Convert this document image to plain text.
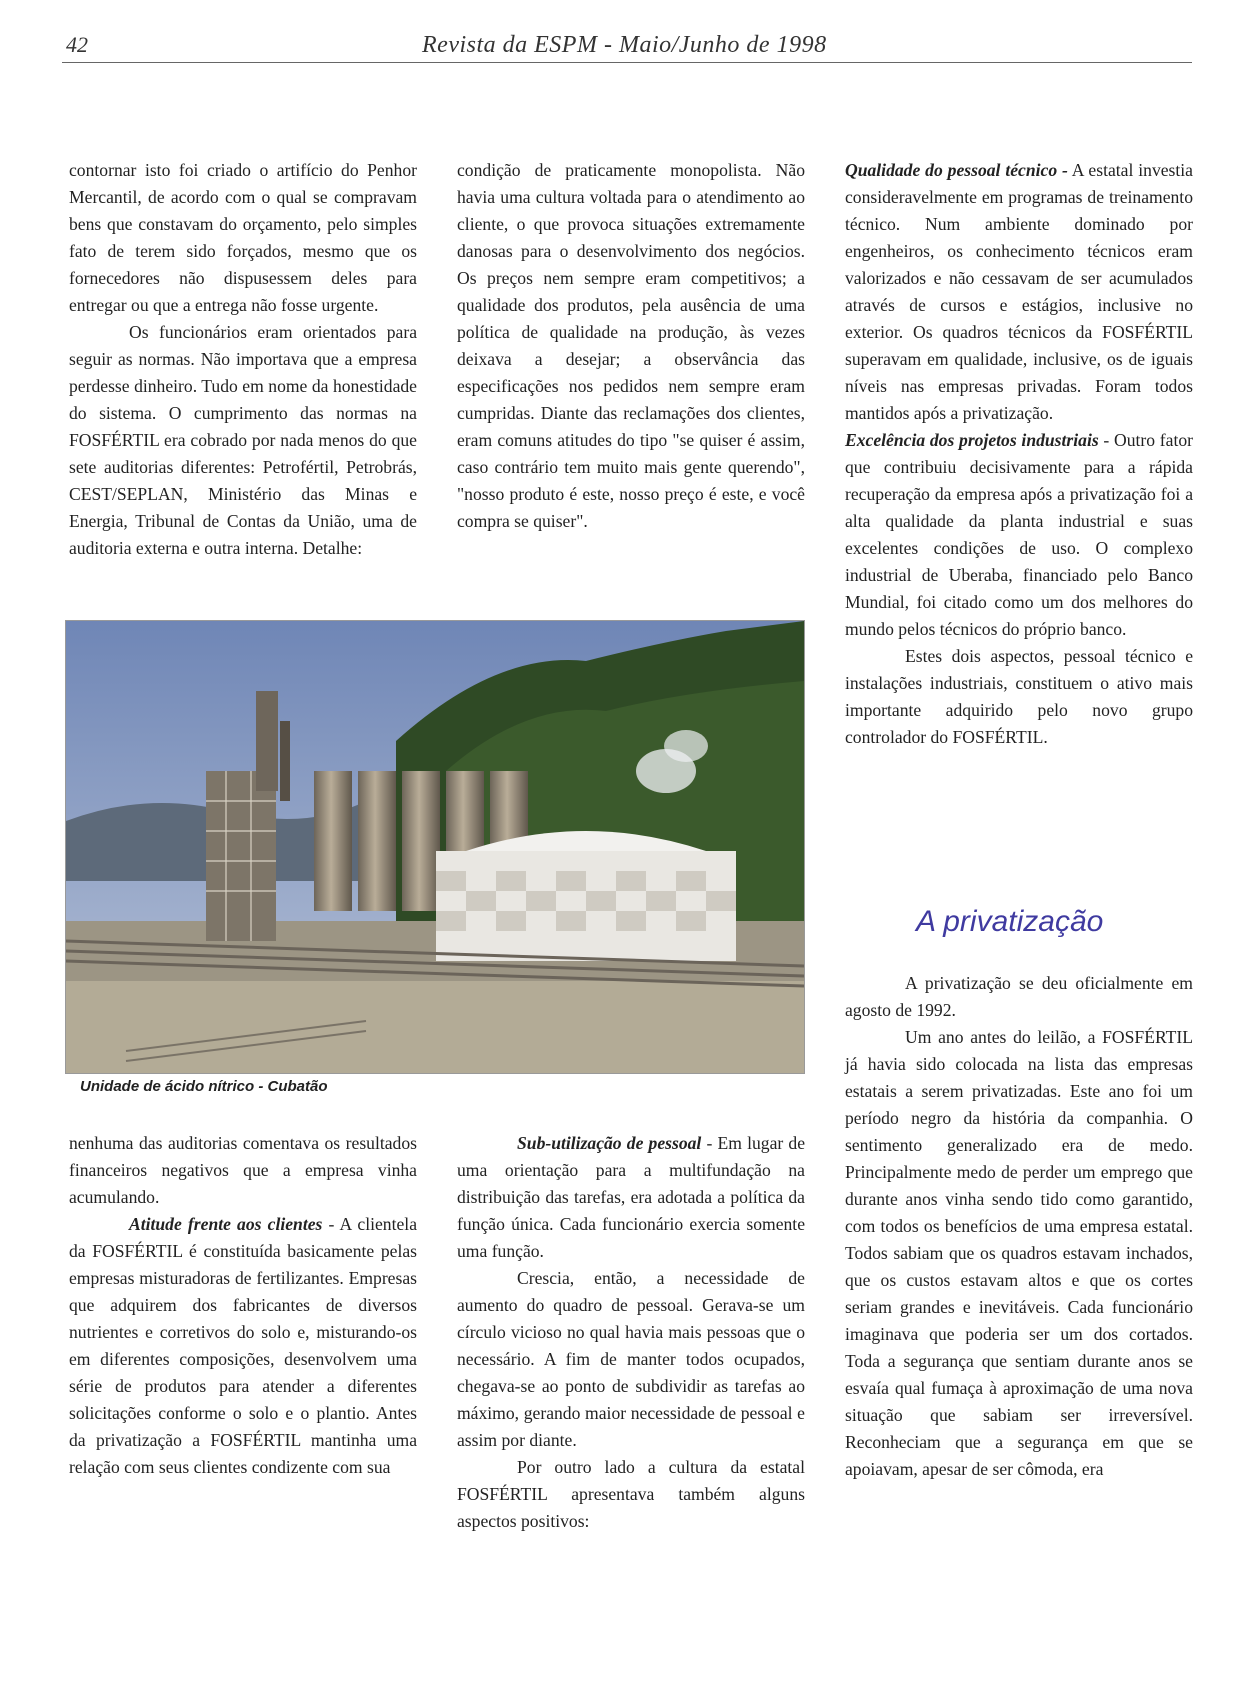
42	Revista da ESPM - Maio/Junho de 1998

contornar isto foi criado o artifício do Penhor Mercantil, de acordo com o qual se compravam bens que constavam do orçamento, pelo simples fato de terem sido forçados, mesmo que os fornecedores não dispusessem deles para entregar ou que a entrega não fosse urgente.

Os funcionários eram orientados para seguir as normas. Não importava que a empresa perdesse dinheiro. Tudo em nome da honestidade do sistema. O cumprimento das normas na FOSFÉRTIL era cobrado por nada menos do que sete auditorias diferentes: Petrofértil, Petrobrás, CEST/SEPLAN, Ministério das Minas e Energia, Tribunal de Contas da União, uma de auditoria externa e outra interna. Detalhe:

condição de praticamente monopolista. Não havia uma cultura voltada para o atendimento ao cliente, o que provoca situações extremamente danosas para o desenvolvimento dos negócios. Os preços nem sempre eram competitivos; a qualidade dos produtos, pela ausência de uma política de qualidade na produção, às vezes deixava a desejar; a observância das especificações nos pedidos nem sempre eram cumpridas. Diante das reclamações dos clientes, eram comuns atitudes do tipo "se quiser é assim, caso contrário tem muito mais gente querendo", "nosso produto é este, nosso preço é este, e você compra se quiser".

Qualidade do pessoal técnico - A estatal investia consideravelmente em programas de treinamento técnico. Num ambiente dominado por engenheiros, os conhecimento técnicos eram valorizados e não cessavam de ser acumulados através de cursos e estágios, inclusive no exterior. Os quadros técnicos da FOSFÉRTIL superavam em qualidade, inclusive, os de iguais níveis nas empresas privadas. Foram todos mantidos após a privatização.

Excelência dos projetos industriais - Outro fator que contribuiu decisivamente para a rápida recuperação da empresa após a privatização foi a alta qualidade da planta industrial e suas excelentes condições de uso. O complexo industrial de Uberaba, financiado pelo Banco Mundial, foi citado como um dos melhores do mundo pelos técnicos do próprio banco.

Estes dois aspectos, pessoal técnico e instalações industriais, constituem o ativo mais importante adquirido pelo novo grupo controlador do FOSFÉRTIL.

A privatização

A privatização se deu oficialmente em agosto de 1992.

Um ano antes do leilão, a FOSFÉRTIL já havia sido colocada na lista das empresas estatais a serem privatizadas. Este ano foi um período negro da história da companhia. O sentimento generalizado era de medo. Principalmente medo de perder um emprego que durante anos vinha sendo tido como garantido, com todos os benefícios de uma empresa estatal. Todos sabiam que os quadros estavam inchados, que os custos estavam altos e que os cortes seriam grandes e inevitáveis. Cada funcionário imaginava que poderia ser um dos cortados. Toda a segurança que sentiam durante anos se esvaía qual fumaça à aproximação de uma nova situação que sabiam ser irreversível. Reconheciam que a segurança em que se apoiavam, apesar de ser cômoda, era

Unidade de ácido nítrico - Cubatão

nenhuma das auditorias comentava os resultados financeiros negativos que a empresa vinha acumulando.

Atitude frente aos clientes - A clientela da FOSFÉRTIL é constituída basicamente pelas empresas misturadoras de fertilizantes. Empresas que adquirem dos fabricantes de diversos nutrientes e corretivos do solo e, misturando-os em diferentes composições, desenvolvem uma série de produtos para atender a diferentes solicitações conforme o solo e o plantio. Antes da privatização a FOSFÉRTIL mantinha uma relação com seus clientes condizente com sua

Sub-utilização de pessoal - Em lugar de uma orientação para a multifundação na distribuição das tarefas, era adotada a política da função única. Cada funcionário exercia somente uma função.

Crescia, então, a necessidade de aumento do quadro de pessoal. Gerava-se um círculo vicioso no qual havia mais pessoas que o necessário. A fim de manter todos ocupados, chegava-se ao ponto de subdividir as tarefas ao máximo, gerando maior necessidade de pessoal e assim por diante.

Por outro lado a cultura da estatal FOSFÉRTIL apresentava também alguns aspectos positivos:
